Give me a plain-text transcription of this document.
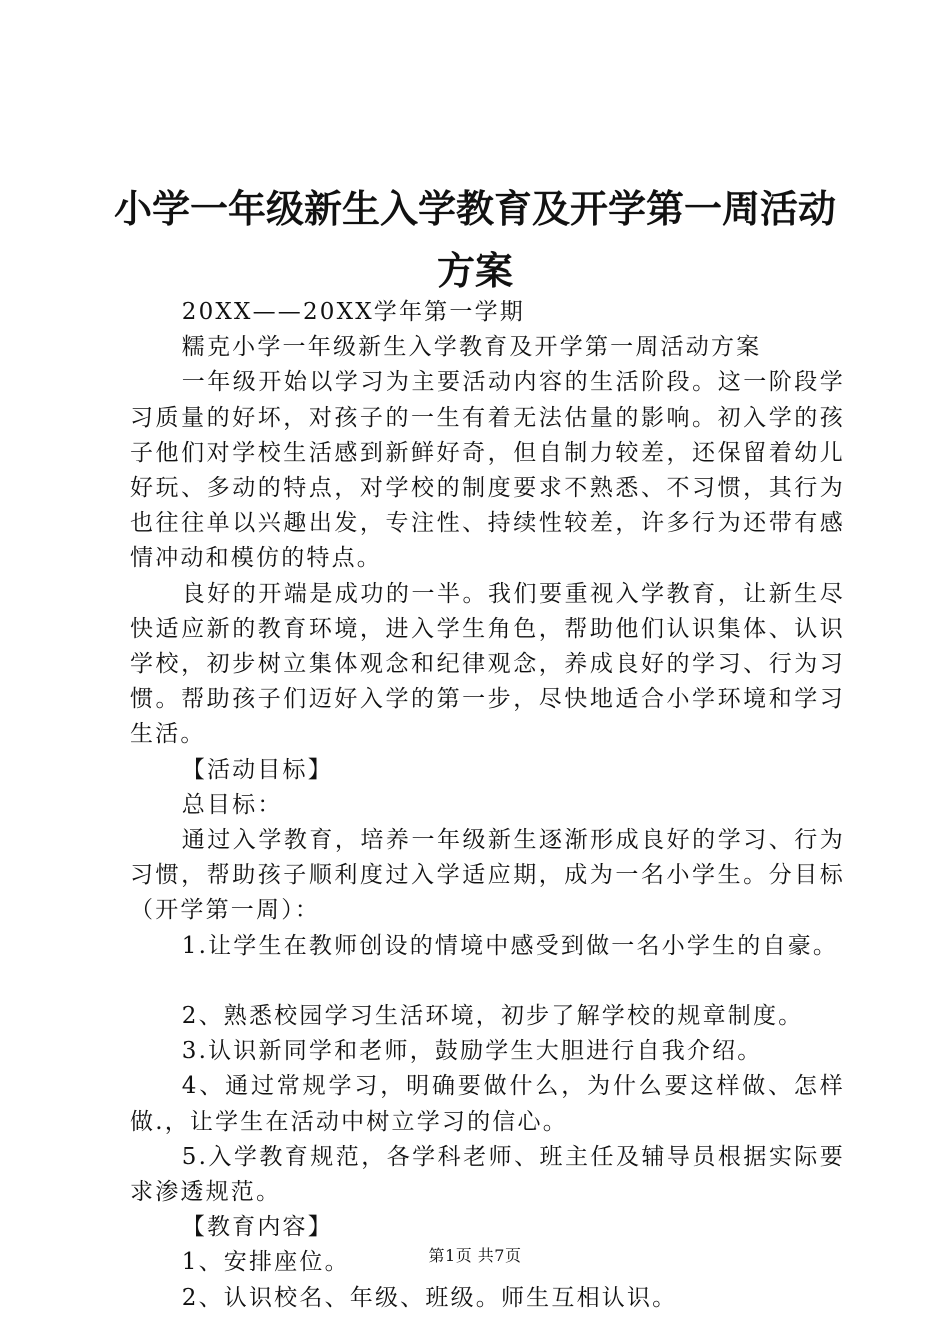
小学一年级新生入学教育及开学第一周活动方案

20XX——20XX学年第一学期

糯克小学一年级新生入学教育及开学第一周活动方案

一年级开始以学习为主要活动内容的生活阶段。这一阶段学习质量的好坏，对孩子的一生有着无法估量的影响。初入学的孩子他们对学校生活感到新鲜好奇，但自制力较差，还保留着幼儿好玩、多动的特点，对学校的制度要求不熟悉、不习惯，其行为也往往单以兴趣出发，专注性、持续性较差，许多行为还带有感情冲动和模仿的特点。

良好的开端是成功的一半。我们要重视入学教育，让新生尽快适应新的教育环境，进入学生角色，帮助他们认识集体、认识学校，初步树立集体观念和纪律观念，养成良好的学习、行为习惯。帮助孩子们迈好入学的第一步，尽快地适合小学环境和学习生活。

【活动目标】

总目标：

通过入学教育，培养一年级新生逐渐形成良好的学习、行为习惯，帮助孩子顺利度过入学适应期，成为一名小学生。分目标（开学第一周）：

1.让学生在教师创设的情境中感受到做一名小学生的自豪。

2、熟悉校园学习生活环境，初步了解学校的规章制度。

3.认识新同学和老师，鼓励学生大胆进行自我介绍。

4、通过常规学习，明确要做什么，为什么要这样做、怎样做.，让学生在活动中树立学习的信心。

5.入学教育规范，各学科老师、班主任及辅导员根据实际要求渗透规范。

【教育内容】

1、安排座位。

2、认识校名、年级、班级。师生互相认识。

第1页 共7页
